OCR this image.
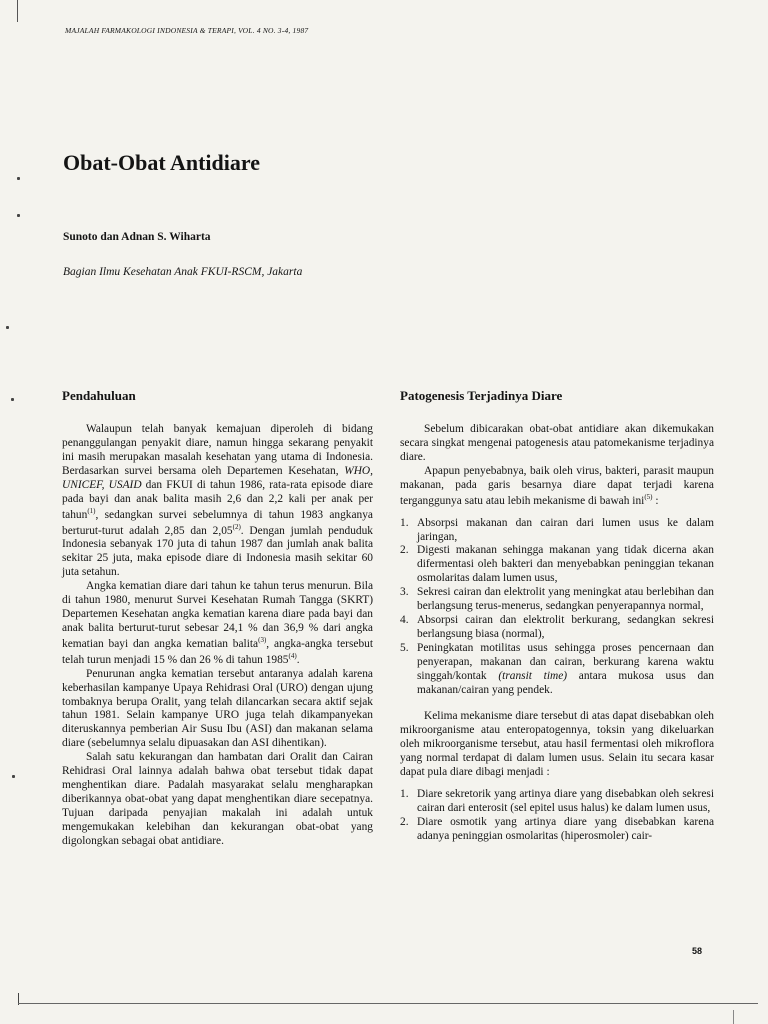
MAJALAH FARMAKOLOGI INDONESIA & TERAPI, VOL. 4 NO. 3-4, 1987
Obat-Obat Antidiare
Sunoto dan Adnan S. Wiharta
Bagian Ilmu Kesehatan Anak FKUI-RSCM, Jakarta
Pendahuluan

Walaupun telah banyak kemajuan diperoleh di bidang penanggulangan penyakit diare, namun hingga sekarang penyakit ini masih merupakan masalah kesehatan yang utama di Indonesia. Berdasarkan survei bersama oleh Departemen Kesehatan, WHO, UNICEF, USAID dan FKUI di tahun 1986, rata-rata episode diare pada bayi dan anak balita masih 2,6 dan 2,2 kali per anak per tahun$^{(1)}$, sedangkan survei sebelumnya di tahun 1983 angkanya berturut-turut adalah 2,85 dan 2,05$^{(2)}$. Dengan jumlah penduduk Indonesia sebanyak 170 juta di tahun 1987 dan jumlah anak balita sekitar 25 juta, maka episode diare di Indonesia masih sekitar 60 juta setahun.

Angka kematian diare dari tahun ke tahun terus menurun. Bila di tahun 1980, menurut Survei Kesehatan Rumah Tangga (SKRT) Departemen Kesehatan angka kematian karena diare pada bayi dan anak balita berturut-turut sebesar 24,1 % dan 36,9 % dari angka kematian bayi dan angka kematian balita$^{(3)}$, angka-angka tersebut telah turun menjadi 15 % dan 26 % di tahun 1985$^{(4)}$.

Penurunan angka kematian tersebut antaranya adalah karena keberhasilan kampanye Upaya Rehidrasi Oral (URO) dengan ujung tombaknya berupa Oralit, yang telah dilancarkan secara aktif sejak tahun 1981. Selain kampanye URO juga telah dikampanyekan diteruskannya pemberian Air Susu Ibu (ASI) dan makanan selama diare (sebelumnya selalu dipuasakan dan ASI dihentikan).

Salah satu kekurangan dan hambatan dari Oralit dan Cairan Rehidrasi Oral lainnya adalah bahwa obat tersebut tidak dapat menghentikan diare. Padalah masyarakat selalu mengharapkan diberikannya obat-obat yang dapat menghentikan diare secepatnya. Tujuan daripada penyajian makalah ini adalah untuk mengemukakan kelebihan dan kekurangan obat-obat yang digolongkan sebagai obat antidiare.

Patogenesis Terjadinya Diare

Sebelum dibicarakan obat-obat antidiare akan dikemukakan secara singkat mengenai patogenesis atau patomekanisme terjadinya diare.

Apapun penyebabnya, baik oleh virus, bakteri, parasit maupun makanan, pada garis besarnya diare dapat terjadi karena terganggunya satu atau lebih mekanisme di bawah ini$^{(5)}$ :

1. Absorpsi makanan dan cairan dari lumen usus ke dalam jaringan,
2. Digesti makanan sehingga makanan yang tidak dicerna akan difermentasi oleh bakteri dan menyebabkan peninggian tekanan osmolaritas dalam lumen usus,
3. Sekresi cairan dan elektrolit yang meningkat atau berlebihan dan berlangsung terus-menerus, sedangkan penyerapannya normal,
4. Absorpsi cairan dan elektrolit berkurang, sedangkan sekresi berlangsung biasa (normal),
5. Peningkatan motilitas usus sehingga proses pencernaan dan penyerapan, makanan dan cairan, berkurang karena waktu singgah/kontak (transit time) antara mukosa usus dan makanan/cairan yang pendek.

Kelima mekanisme diare tersebut di atas dapat disebabkan oleh mikroorganisme atau enteropatogennya, toksin yang dikeluarkan oleh mikroorganisme tersebut, atau hasil fermentasi oleh mikroflora yang normal terdapat di dalam lumen usus. Selain itu secara kasar dapat pula diare dibagi menjadi :

1. Diare sekretorik yang artinya diare yang disebabkan oleh sekresi cairan dari enterosit (sel epitel usus halus) ke dalam lumen usus,
2. Diare osmotik yang artinya diare yang disebabkan karena adanya peninggian osmolaritas (hiperosmoler) cair-
58
